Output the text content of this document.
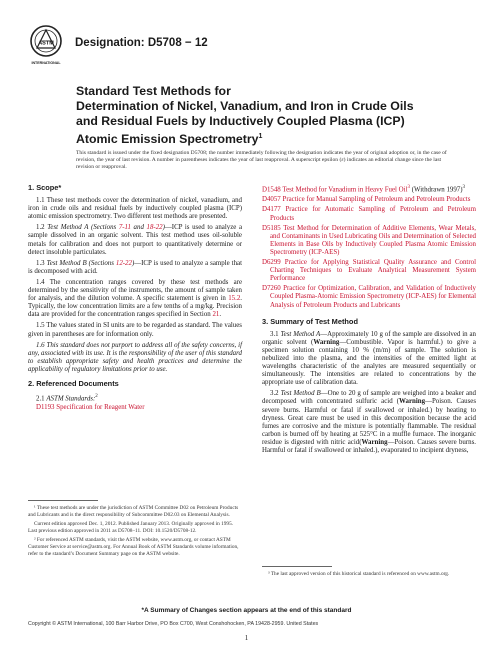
ASTM
INTERNATIONAL
Designation: D5708 − 12
Standard Test Methods for
Determination of Nickel, Vanadium, and Iron in Crude Oils
and Residual Fuels by Inductively Coupled Plasma (ICP)
Atomic Emission Spectrometry$^1$
This standard is issued under the fixed designation D5708; the number immediately following the designation indicates the year of original adoption or, in the case of revision, the year of last revision. A number in parentheses indicates the year of last reapproval. A superscript epsilon (ε) indicates an editorial change since the last revision or reapproval.
1. Scope*

1.1 These test methods cover the determination of nickel, vanadium, and iron in crude oils and residual fuels by inductively coupled plasma (ICP) atomic emission spectrometry. Two different test methods are presented.

1.2 Test Method A (Sections 7-11 and 18-22)—ICP is used to analyze a sample dissolved in an organic solvent. This test method uses oil-soluble metals for calibration and does not purport to quantitatively determine or detect insoluble particulates.

1.3 Test Method B (Sections 12-22)—ICP is used to analyze a sample that is decomposed with acid.

1.4 The concentration ranges covered by these test methods are determined by the sensitivity of the instruments, the amount of sample taken for analysis, and the dilution volume. A specific statement is given in 15.2. Typically, the low concentration limits are a few tenths of a mg/kg. Precision data are provided for the concentration ranges specified in Section 21.

1.5 The values stated in SI units are to be regarded as standard. The values given in parentheses are for information only.

1.6 This standard does not purport to address all of the safety concerns, if any, associated with its use. It is the responsibility of the user of this standard to establish appropriate safety and health practices and determine the applicability of regulatory limitations prior to use.

2. Referenced Documents

2.1 ASTM Standards:$^2$

D1193 Specification for Reagent Water

¹ These test methods are under the jurisdiction of ASTM Committee D02 on Petroleum Products and Lubricants and is the direct responsibility of Subcommittee D02.03 on Elemental Analysis.

Current edition approved Dec. 1, 2012. Published January 2013. Originally approved in 1995. Last previous edition approved in 2011 as D5708–11. DOI: 10.1520/D5708-12.

² For referenced ASTM standards, visit the ASTM website, www.astm.org, or contact ASTM Customer Service at service@astm.org. For Annual Book of ASTM Standards volume information, refer to the standard’s Document Summary page on the ASTM website.

D1548 Test Method for Vanadium in Heavy Fuel Oil$^3$ (Withdrawn 1997)$^3$
D4057 Practice for Manual Sampling of Petroleum and Petroleum Products
D4177 Practice for Automatic Sampling of Petroleum and Petroleum Products
D5185 Test Method for Determination of Additive Elements, Wear Metals, and Contaminants in Used Lubricating Oils and Determination of Selected Elements in Base Oils by Inductively Coupled Plasma Atomic Emission Spectrometry (ICP-AES)
D6299 Practice for Applying Statistical Quality Assurance and Control Charting Techniques to Evaluate Analytical Measurement System Performance
D7260 Practice for Optimization, Calibration, and Validation of Inductively Coupled Plasma-Atomic Emission Spectrometry (ICP-AES) for Elemental Analysis of Petroleum Products and Lubricants
3. Summary of Test Method

3.1 Test Method A—Approximately 10 g of the sample are dissolved in an organic solvent (Warning—Combustible. Vapor is harmful.) to give a specimen solution containing 10 % (m/m) of sample. The solution is nebulized into the plasma, and the intensities of the emitted light at wavelengths characteristic of the analytes are measured sequentially or simultaneously. The intensities are related to concentrations by the appropriate use of calibration data.

3.2 Test Method B—One to 20 g of sample are weighed into a beaker and decomposed with concentrated sulfuric acid (Warning—Poison. Causes severe burns. Harmful or fatal if swallowed or inhaled.) by heating to dryness. Great care must be used in this decomposition because the acid fumes are corrosive and the mixture is potentially flammable. The residual carbon is burned off by heating at 525°C in a muffle furnace. The inorganic residue is digested with nitric acid(Warning—Poison. Causes severe burns. Harmful or fatal if swallowed or inhaled.), evaporated to incipient dryness,

³ The last approved version of this historical standard is referenced on www.astm.org.

*A Summary of Changes section appears at the end of this standard
Copyright © ASTM International, 100 Barr Harbor Drive, PO Box C700, West Conshohocken, PA 19428-2959. United States
1
